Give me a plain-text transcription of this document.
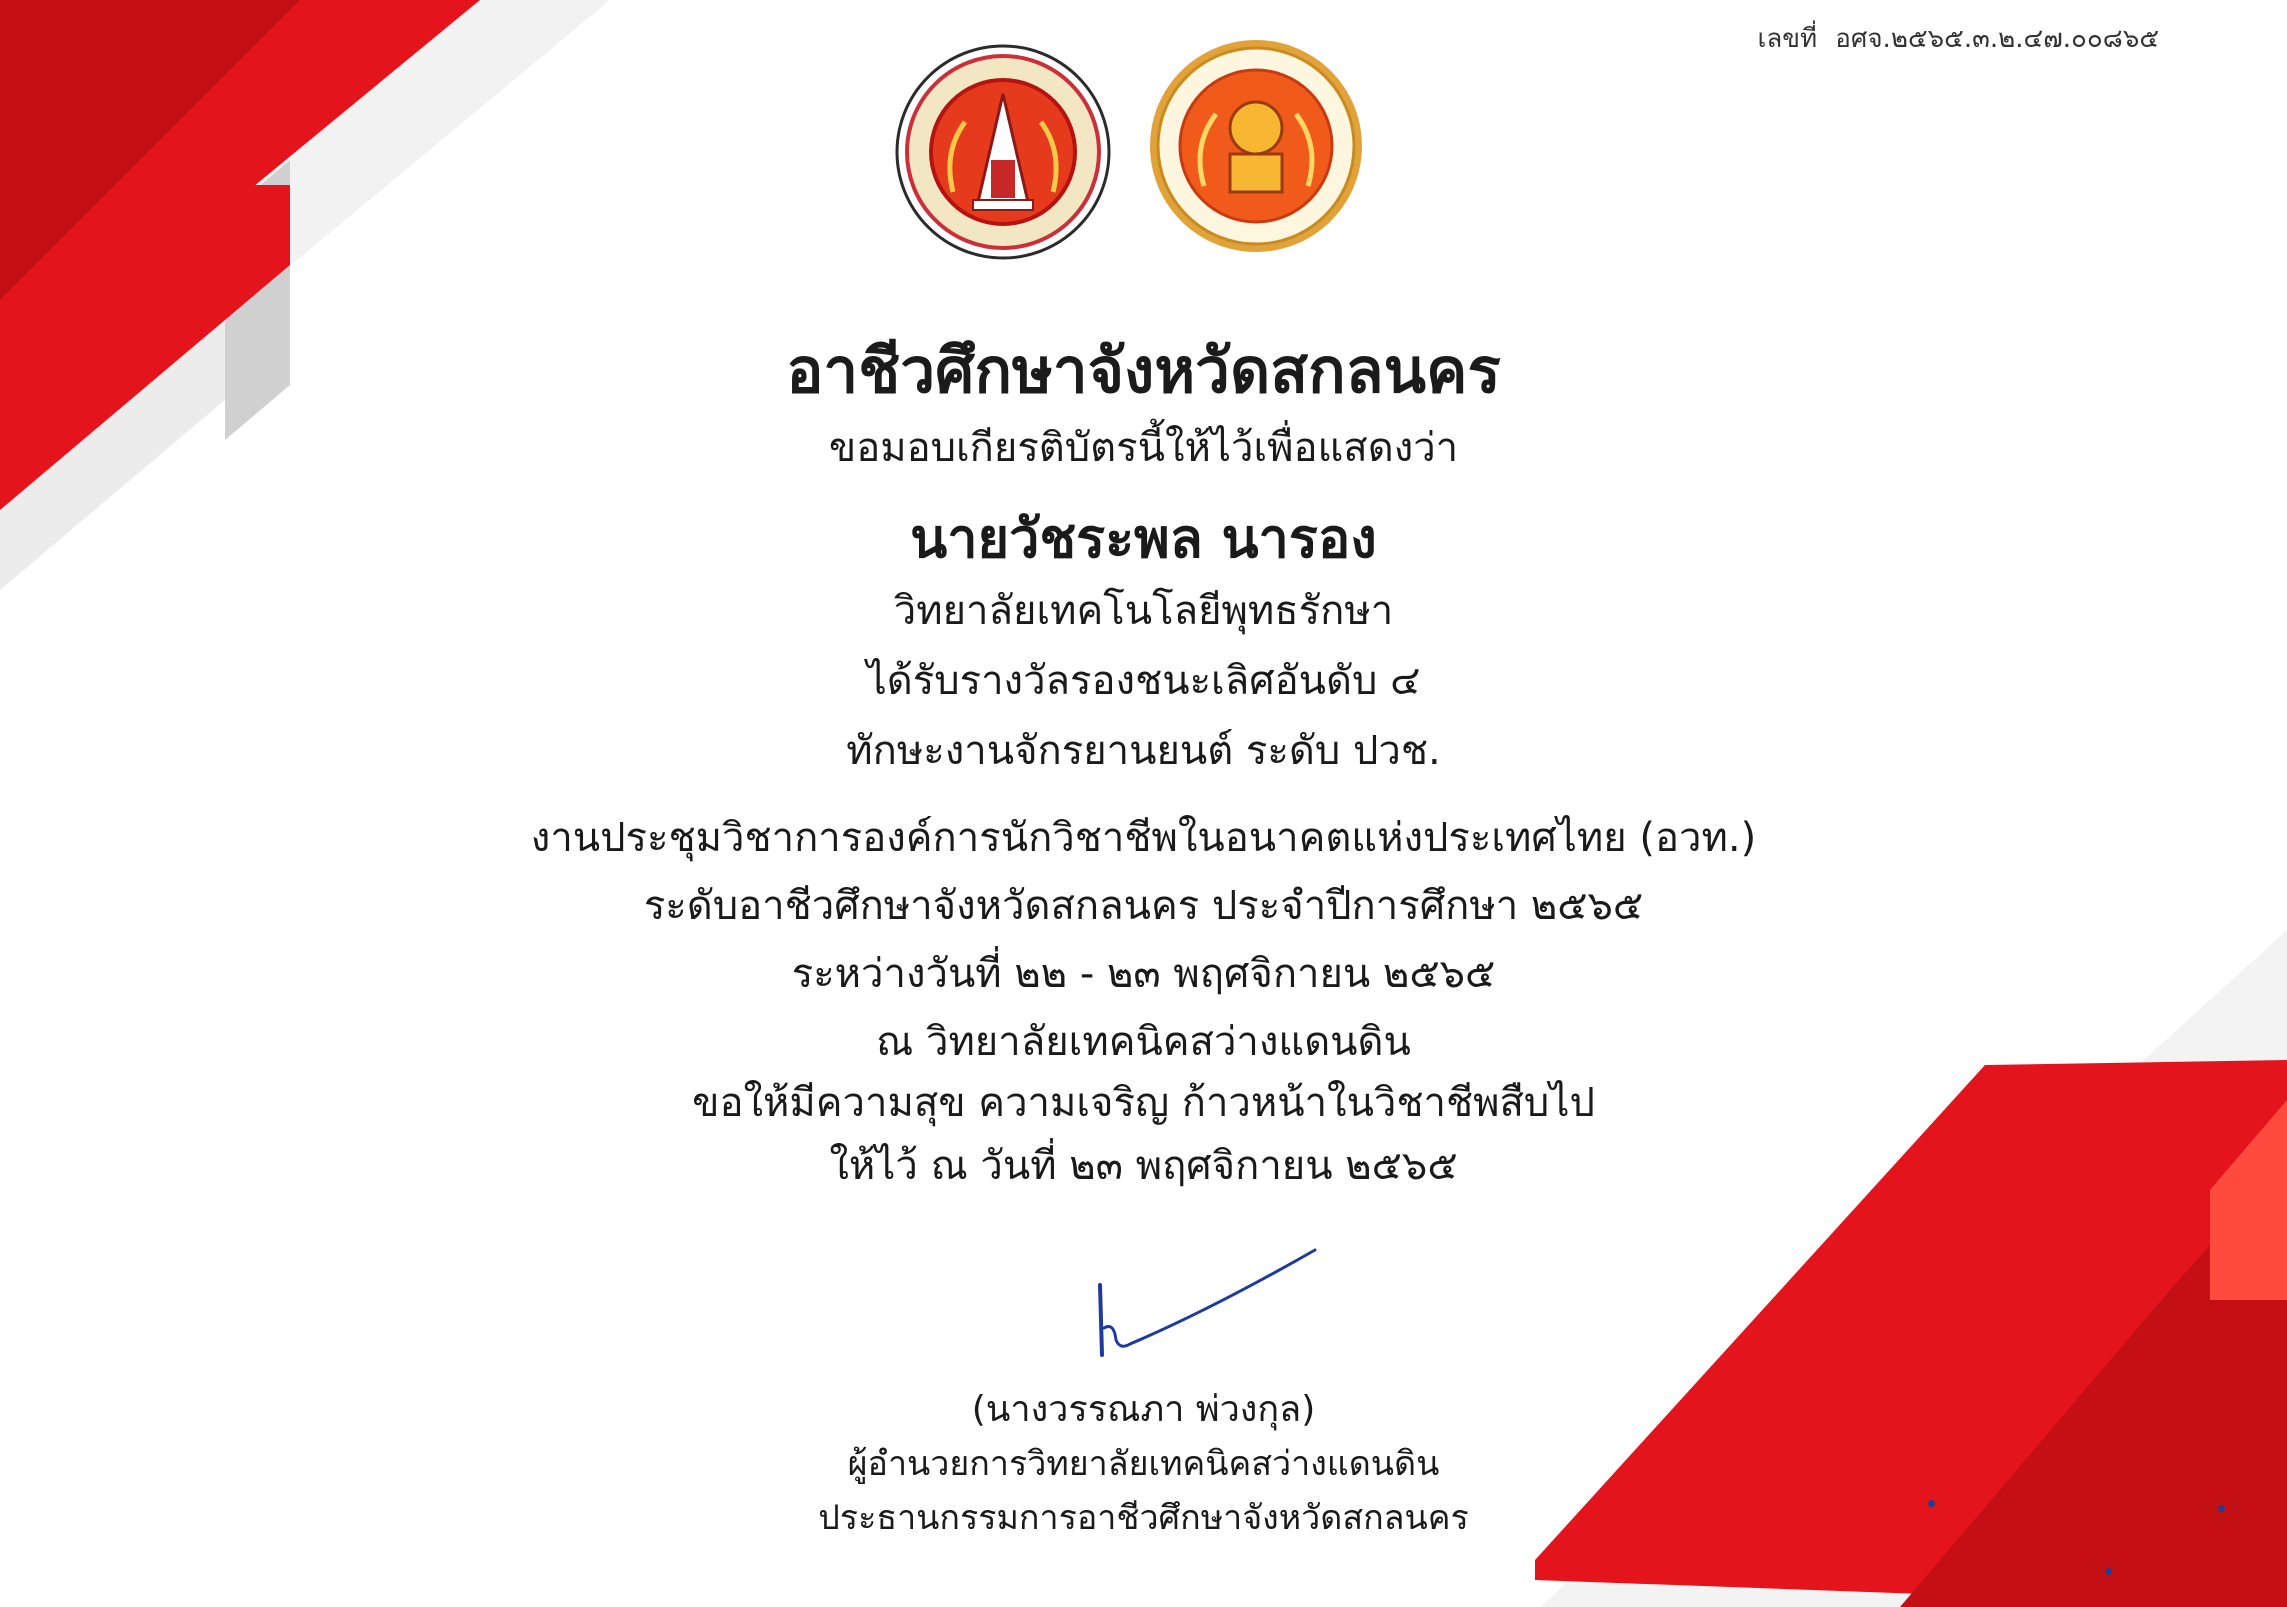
เลขที่ อศจ.๒๕๖๕.๓.๒.๔๗.๐๐๘๖๕
อาชีวศึกษาจังหวัดสกลนคร
ขอมอบเกียรติบัตรนี้ให้ไว้เพื่อแสดงว่า
นายวัชระพล นารอง
วิทยาลัยเทคโนโลยีพุทธรักษา
ได้รับรางวัลรองชนะเลิศอันดับ ๔
ทักษะงานจักรยานยนต์ ระดับ ปวช.
งานประชุมวิชาการองค์การนักวิชาชีพในอนาคตแห่งประเทศไทย (อวท.)
ระดับอาชีวศึกษาจังหวัดสกลนคร ประจำปีการศึกษา ๒๕๖๕
ระหว่างวันที่ ๒๒ - ๒๓ พฤศจิกายน ๒๕๖๕
ณ วิทยาลัยเทคนิคสว่างแดนดิน
ขอให้มีความสุข ความเจริญ ก้าวหน้าในวิชาชีพสืบไป
ให้ไว้ ณ วันที่ ๒๓ พฤศจิกายน ๒๕๖๕
(นางวรรณภา พ่วงกุล)
ผู้อำนวยการวิทยาลัยเทคนิคสว่างแดนดิน
ประธานกรรมการอาชีวศึกษาจังหวัดสกลนคร
